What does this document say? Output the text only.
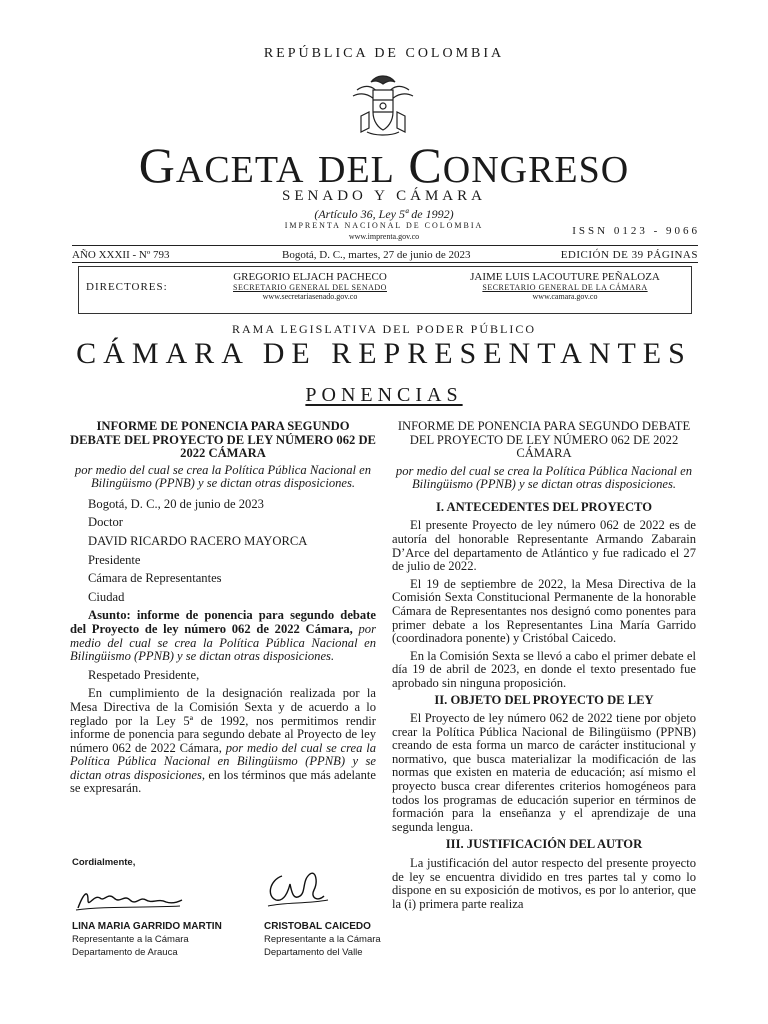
REPÚBLICA DE COLOMBIA
GACETA DEL CONGRESO
SENADO Y CÁMARA
(Artículo 36, Ley 5ª de 1992)
IMPRENTA NACIONAL DE COLOMBIA
www.imprenta.gov.co	ISSN 0123 - 9066
AÑO XXXII - Nº 793	Bogotá, D. C., martes, 27 de junio de 2023	EDICIÓN DE 39 PÁGINAS
DIRECTORES:
GREGORIO ELJACH PACHECO
SECRETARIO GENERAL DEL SENADO
www.secretariasenado.gov.co
JAIME LUIS LACOUTURE PEÑALOZA
SECRETARIO GENERAL DE LA CÁMARA
www.camara.gov.co
RAMA LEGISLATIVA DEL PODER PÚBLICO
CÁMARA DE REPRESENTANTES
PONENCIAS

INFORME DE PONENCIA PARA SEGUNDO DEBATE DEL PROYECTO DE LEY NÚMERO 062 DE 2022 CÁMARA

por medio del cual se crea la Política Pública Nacional en Bilingüismo (PPNB) y se dictan otras disposiciones.

Bogotá, D. C., 20 de junio de 2023

Doctor

DAVID RICARDO RACERO MAYORCA

Presidente

Cámara de Representantes

Ciudad

Asunto: informe de ponencia para segundo debate del Proyecto de ley número 062 de 2022 Cámara, por medio del cual se crea la Política Pública Nacional en Bilingüismo (PPNB) y se dictan otras disposiciones.

Respetado Presidente,

En cumplimiento de la designación realizada por la Mesa Directiva de la Comisión Sexta y de acuerdo a lo reglado por la Ley 5ª de 1992, nos permitimos rendir informe de ponencia para segundo debate al Proyecto de ley número 062 de 2022 Cámara, por medio del cual se crea la Política Pública Nacional en Bilingüismo (PPNB) y se dictan otras disposiciones, en los términos que más adelante se expresarán.

Cordialmente,
LINA MARIA GARRIDO MARTIN
Representante a la Cámara
Departamento de Arauca
CRISTOBAL CAICEDO
Representante a la Cámara
Departamento del Valle

INFORME DE PONENCIA PARA SEGUNDO DEBATE DEL PROYECTO DE LEY NÚMERO 062 DE 2022 CÁMARA

por medio del cual se crea la Política Pública Nacional en Bilingüismo (PPNB) y se dictan otras disposiciones.

I. ANTECEDENTES DEL PROYECTO

El presente Proyecto de ley número 062 de 2022 es de autoría del honorable Representante Armando Zabarain D’Arce del departamento de Atlántico y fue radicado el 27 de julio de 2022.

El 19 de septiembre de 2022, la Mesa Directiva de la Comisión Sexta Constitucional Permanente de la honorable Cámara de Representantes nos designó como ponentes para primer debate a los Representantes Lina María Garrido (coordinadora ponente) y Cristóbal Caicedo.

En la Comisión Sexta se llevó a cabo el primer debate el día 19 de abril de 2023, en donde el texto presentado fue aprobado sin ninguna proposición.

II. OBJETO DEL PROYECTO DE LEY

El Proyecto de ley número 062 de 2022 tiene por objeto crear la Política Pública Nacional de Bilingüismo (PPNB) creando de esta forma un marco de carácter institucional y normativo, que busca materializar la modificación de las normas que existen en materia de educación; así mismo el proyecto busca crear diferentes criterios homogéneos para todos los programas de educación superior en términos de formación para la enseñanza y el aprendizaje de una segunda lengua.

III. JUSTIFICACIÓN DEL AUTOR

La justificación del autor respecto del presente proyecto de ley se encuentra dividido en tres partes tal y como lo dispone en su exposición de motivos, es por lo anterior, que la (i) primera parte realiza
